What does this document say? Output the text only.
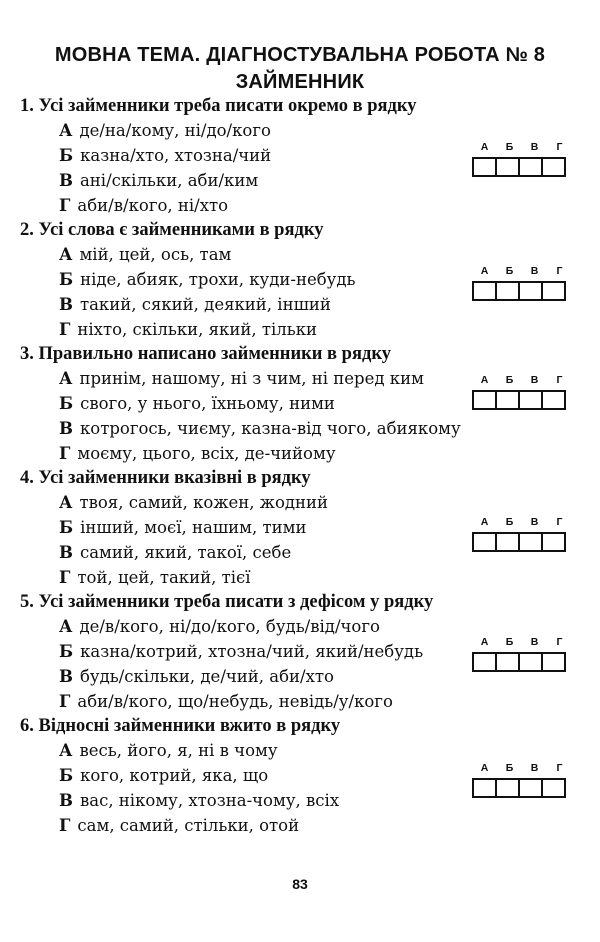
МОВНА ТЕМА. ДІАГНОСТУВАЛЬНА РОБОТА № 8
ЗАЙМЕННИК
1. Усі займенники треба писати окремо в рядку
А де/на/кому, ні/до/кого
Б казна/хто, хтозна/чий
В ані/скільки, аби/ким
Г аби/в/кого, ні/хто
А	Б	В	Г
2. Усі слова є займенниками в рядку
А мій, цей, ось, там
Б ніде, абияк, трохи, куди-небудь
В такий, сякий, деякий, інший
Г ніхто, скільки, який, тільки
А	Б	В	Г
3. Правильно написано займенники в рядку
А принім, нашому, ні з чим, ні перед ким
Б свого, у нього, їхньому, ними
В котрогось, чиєму, казна-від чого, абиякому
Г моєму, цього, всіх, де-чийому
А	Б	В	Г
4. Усі займенники вказівні в рядку
А твоя, самий, кожен, жодний
Б інший, моєї, нашим, тими
В самий, який, такої, себе
Г той, цей, такий, тієї
А	Б	В	Г
5. Усі займенники треба писати з дефісом у рядку
А де/в/кого, ні/до/кого, будь/від/чого
Б казна/котрий, хтозна/чий, який/небудь
В будь/скільки, де/чий, аби/хто
Г аби/в/кого, що/небудь, невідь/у/кого
А	Б	В	Г
6. Відносні займенники вжито в рядку
А весь, його, я, ні в чому
Б кого, котрий, яка, що
В вас, нікому, хтозна-чому, всіх
Г сам, самий, стільки, отой
А	Б	В	Г
83
